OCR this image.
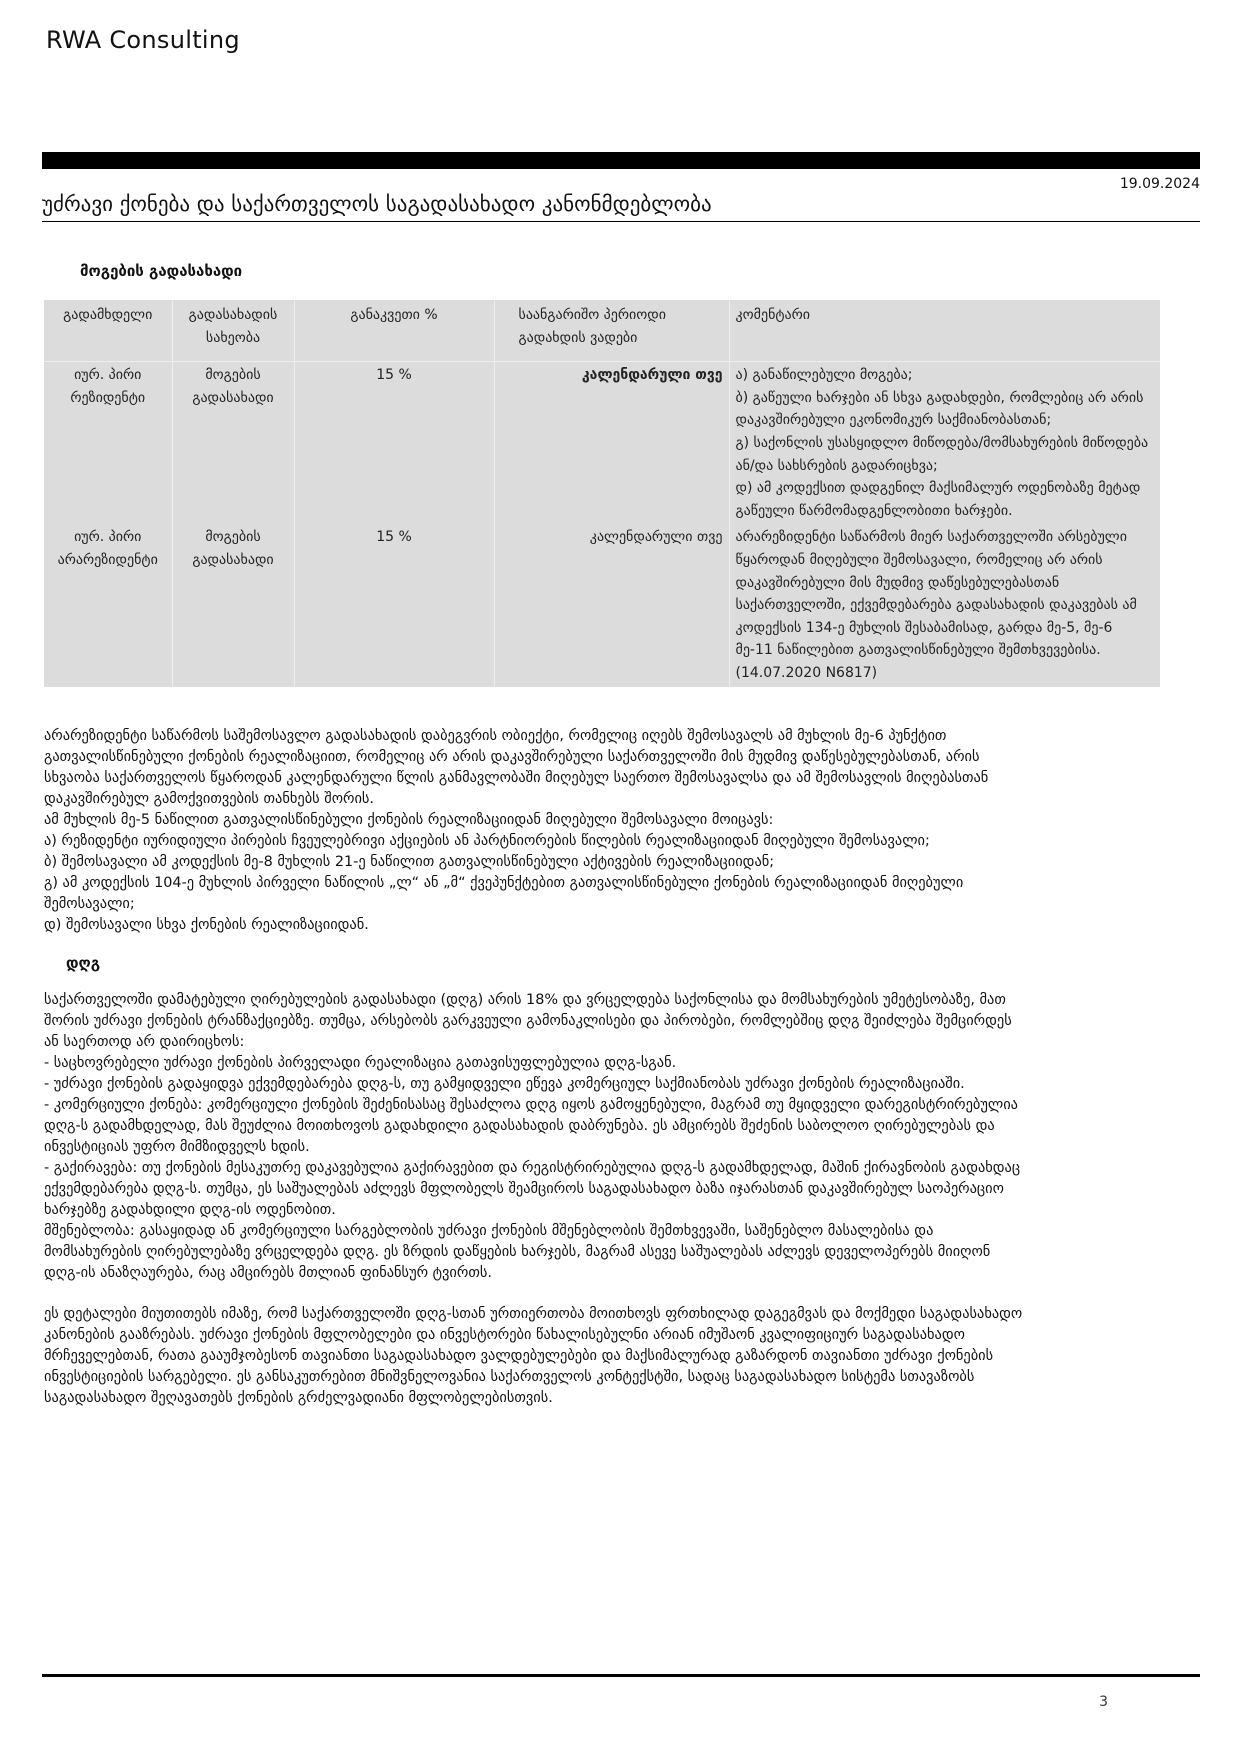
RWA Consulting
19.09.2024
უძრავი ქონება და საქართველოს საგადასახადო კანონმდებლობა
მოგების გადასახადი
გადამხდელი	გადასახადის სახეობა	განაკვეთი %	საანგარიშო პერიოდი გადახდის ვადები	კომენტარი
იურ. პირი რეზიდენტი	მოგების გადასახადი	15 %	კალენდარული თვე	ა) განაწილებული მოგება;
ბ) გაწეული ხარჯები ან სხვა გადახდები, რომლებიც არ არის დაკავშირებული ეკონომიკურ საქმიანობასთან;
გ) საქონლის უსასყიდლო მიწოდება/მომსახურების მიწოდება ან/და სახსრების გადარიცხვა;
დ) ამ კოდექსით დადგენილ მაქსიმალურ ოდენობაზე მეტად გაწეული წარმომადგენლობითი ხარჯები.

იურ. პირი არარეზიდენტი	მოგების გადასახადი	15 %	კალენდარული თვე	არარეზიდენტი საწარმოს მიერ საქართველოში არსებული წყაროდან მიღებული შემოსავალი, რომელიც არ არის დაკავშირებული მის მუდმივ დაწესებულებასთან საქართველოში, ექვემდებარება გადასახადის დაკავებას ამ კოდექსის 134-ე მუხლის შესაბამისად, გარდა მე-5, მე-6 მე-11 ნაწილებით გათვალისწინებული შემთხვევებისა. (14.07.2020 N6817)
არარეზიდენტი საწარმოს საშემოსავლო გადასახადის დაბეგვრის ობიექტი, რომელიც იღებს შემოსავალს ამ მუხლის მე-6 პუნქტით
გათვალისწინებული ქონების რეალიზაციით, რომელიც არ არის დაკავშირებული საქართველოში მის მუდმივ დაწესებულებასთან, არის
სხვაობა საქართველოს წყაროდან კალენდარული წლის განმავლობაში მიღებულ საერთო შემოსავალსა და ამ შემოსავლის მიღებასთან
დაკავშირებულ გამოქვითვების თანხებს შორის.
ამ მუხლის მე-5 ნაწილით გათვალისწინებული ქონების რეალიზაციიდან მიღებული შემოსავალი მოიცავს:
ა) რეზიდენტი იურიდიული პირების ჩვეულებრივი აქციების ან პარტნიორების წილების რეალიზაციიდან მიღებული შემოსავალი;
ბ) შემოსავალი ამ კოდექსის მე-8 მუხლის 21-ე ნაწილით გათვალისწინებული აქტივების რეალიზაციიდან;
გ) ამ კოდექსის 104-ე მუხლის პირველი ნაწილის „ლ“ ან „მ“ ქვეპუნქტებით გათვალისწინებული ქონების რეალიზაციიდან მიღებული
შემოსავალი;
დ) შემოსავალი სხვა ქონების რეალიზაციიდან.
დღგ
საქართველოში დამატებული ღირებულების გადასახადი (დღგ) არის 18% და ვრცელდება საქონლისა და მომსახურების უმეტესობაზე, მათ
შორის უძრავი ქონების ტრანზაქციებზე. თუმცა, არსებობს გარკვეული გამონაკლისები და პირობები, რომლებშიც დღგ შეიძლება შემცირდეს
ან საერთოდ არ დაირიცხოს:
- საცხოვრებელი უძრავი ქონების პირველადი რეალიზაცია გათავისუფლებულია დღგ-სგან.
- უძრავი ქონების გადაყიდვა ექვემდებარება დღგ-ს, თუ გამყიდველი ეწევა კომერციულ საქმიანობას უძრავი ქონების რეალიზაციაში.
- კომერციული ქონება: კომერციული ქონების შეძენისასაც შესაძლოა დღგ იყოს გამოყენებული, მაგრამ თუ მყიდველი დარეგისტრირებულია
დღგ-ს გადამხდელად, მას შეუძლია მოითხოვოს გადახდილი გადასახადის დაბრუნება. ეს ამცირებს შეძენის საბოლოო ღირებულებას და
ინვესტიციას უფრო მიმზიდველს ხდის.
- გაქირავება: თუ ქონების მესაკუთრე დაკავებულია გაქირავებით და რეგისტრირებულია დღგ-ს გადამხდელად, მაშინ ქირავნობის გადახდაც
ექვემდებარება დღგ-ს. თუმცა, ეს საშუალებას აძლევს მფლობელს შეამციროს საგადასახადო ბაზა იჯარასთან დაკავშირებულ საოპერაციო
ხარჯებზე გადახდილი დღგ-ის ოდენობით.
მშენებლობა: გასაყიდად ან კომერციული სარგებლობის უძრავი ქონების მშენებლობის შემთხვევაში, საშენებლო მასალებისა და
მომსახურების ღირებულებაზე ვრცელდება დღგ. ეს ზრდის დაწყების ხარჯებს, მაგრამ ასევე საშუალებას აძლევს დეველოპერებს მიიღონ
დღგ-ის ანაზღაურება, რაც ამცირებს მთლიან ფინანსურ ტვირთს.
ეს დეტალები მიუთითებს იმაზე, რომ საქართველოში დღგ-სთან ურთიერთობა მოითხოვს ფრთხილად დაგეგმვას და მოქმედი საგადასახადო
კანონების გააზრებას. უძრავი ქონების მფლობელები და ინვესტორები წახალისებულნი არიან იმუშაონ კვალიფიციურ საგადასახადო
მრჩეველებთან, რათა გააუმჯობესონ თავიანთი საგადასახადო ვალდებულებები და მაქსიმალურად გაზარდონ თავიანთი უძრავი ქონების
ინვესტიციების სარგებელი. ეს განსაკუთრებით მნიშვნელოვანია საქართველოს კონტექსტში, სადაც საგადასახადო სისტემა სთავაზობს
საგადასახადო შეღავათებს ქონების გრძელვადიანი მფლობელებისთვის.
3
